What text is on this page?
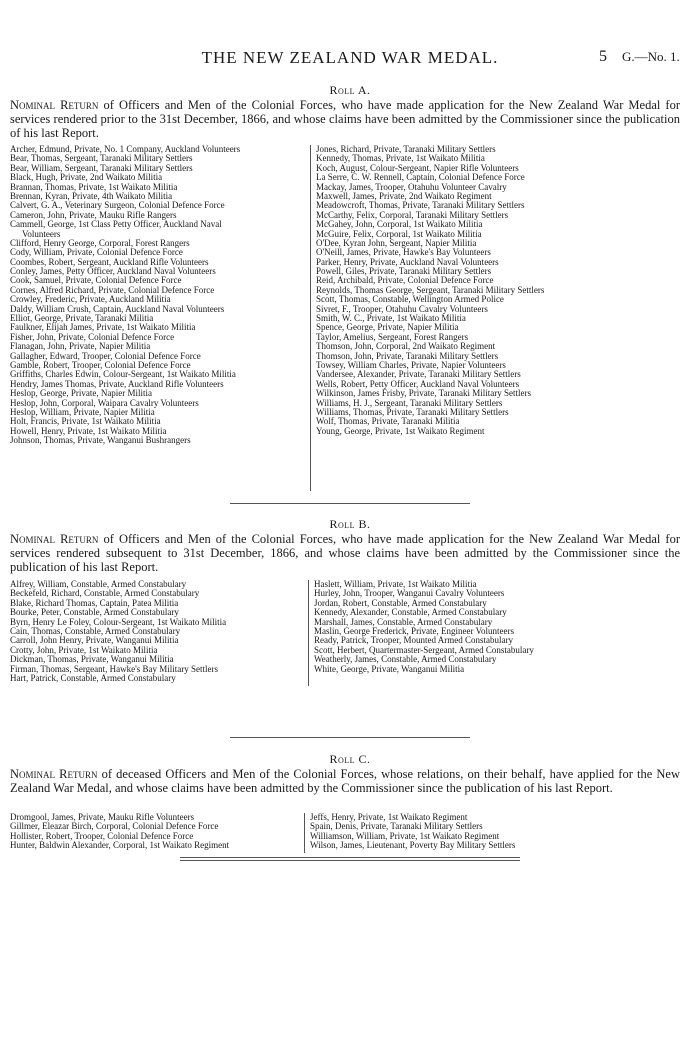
THE NEW ZEALAND WAR MEDAL.	5 G.—No. 1.
Roll A.
Nominal Return of Officers and Men of the Colonial Forces, who have made application for the New Zealand War Medal for services rendered prior to the 31st December, 1866, and whose claims have been admitted by the Commissioner since the publication of his last Report.
Archer, Edmund, Private, No. 1 Company, Auckland Volunteers
Bear, Thomas, Sergeant, Taranaki Military Settlers
Bear, William, Sergeant, Taranaki Military Settlers
Black, Hugh, Private, 2nd Waikato Militia
Brannan, Thomas, Private, 1st Waikato Militia
Brennan, Kyran, Private, 4th Waikato Militia
Calvert, G. A., Veterinary Surgeon, Colonial Defence Force
Cameron, John, Private, Mauku Rifle Rangers
Cammell, George, 1st Class Petty Officer, Auckland Naval
Volunteers
Clifford, Henry George, Corporal, Forest Rangers
Cody, William, Private, Colonial Defence Force
Coombes, Robert, Sergeant, Auckland Rifle Volunteers
Conley, James, Petty Officer, Auckland Naval Volunteers
Cook, Samuel, Private, Colonial Defence Force
Cornes, Alfred Richard, Private, Colonial Defence Force
Crowley, Frederic, Private, Auckland Militia
Daldy, William Crush, Captain, Auckland Naval Volunteers
Elliot, George, Private, Taranaki Militia
Faulkner, Elijah James, Private, 1st Waikato Militia
Fisher, John, Private, Colonial Defence Force
Flanagan, John, Private, Napier Militia
Gallagher, Edward, Trooper, Colonial Defence Force
Gamble, Robert, Trooper, Colonial Defence Force
Griffiths, Charles Edwin, Colour-Sergeant, 1st Waikato Militia
Hendry, James Thomas, Private, Auckland Rifle Volunteers
Heslop, George, Private, Napier Militia
Heslop, John, Corporal, Waipara Cavalry Volunteers
Heslop, William, Private, Napier Militia
Holt, Francis, Private, 1st Waikato Militia
Howell, Henry, Private, 1st Waikato Militia
Johnson, Thomas, Private, Wanganui Bushrangers
Jones, Richard, Private, Taranaki Military Settlers
Kennedy, Thomas, Private, 1st Waikato Militia
Koch, August, Colour-Sergeant, Napier Rifle Volunteers
La Serre, C. W. Rennell, Captain, Colonial Defence Force
Mackay, James, Trooper, Otahuhu Volunteer Cavalry
Maxwell, James, Private, 2nd Waikato Regiment
Meadowcroft, Thomas, Private, Taranaki Military Settlers
McCarthy, Felix, Corporal, Taranaki Military Settlers
McGahey, John, Corporal, 1st Waikato Militia
McGuire, Felix, Corporal, 1st Waikato Militia
O'Dee, Kyran John, Sergeant, Napier Militia
O'Neill, James, Private, Hawke's Bay Volunteers
Parker, Henry, Private, Auckland Naval Volunteers
Powell, Giles, Private, Taranaki Military Settlers
Reid, Archibald, Private, Colonial Defence Force
Reynolds, Thomas George, Sergeant, Taranaki Military Settlers
Scott, Thomas, Constable, Wellington Armed Police
Sivret, F., Trooper, Otahuhu Cavalry Volunteers
Smith, W. C., Private, 1st Waikato Militia
Spence, George, Private, Napier Militia
Taylor, Amelius, Sergeant, Forest Rangers
Thomson, John, Corporal, 2nd Waikato Regiment
Thomson, John, Private, Taranaki Military Settlers
Towsey, William Charles, Private, Napier Volunteers
Vandersee, Alexander, Private, Taranaki Military Settlers
Wells, Robert, Petty Officer, Auckland Naval Volunteers
Wilkinson, James Frisby, Private, Taranaki Military Settlers
Williams, H. J., Sergeant, Taranaki Military Settlers
Williams, Thomas, Private, Taranaki Military Settlers
Wolf, Thomas, Private, Taranaki Militia
Young, George, Private, 1st Waikato Regiment
Roll B.
Nominal Return of Officers and Men of the Colonial Forces, who have made application for the New Zealand War Medal for services rendered subsequent to 31st December, 1866, and whose claims have been admitted by the Commissioner since the publication of his last Report.
Alfrey, William, Constable, Armed Constabulary
Beckefeld, Richard, Constable, Armed Constabulary
Blake, Richard Thomas, Captain, Patea Militia
Bourke, Peter, Constable, Armed Constabulary
Byrn, Henry Le Foley, Colour-Sergeant, 1st Waikato Militia
Cain, Thomas, Constable, Armed Constabulary
Carroll, John Henry, Private, Wanganui Militia
Crotty, John, Private, 1st Waikato Militia
Dickman, Thomas, Private, Wanganui Militia
Firman, Thomas, Sergeant, Hawke's Bay Military Settlers
Hart, Patrick, Constable, Armed Constabulary
Haslett, William, Private, 1st Waikato Militia
Hurley, John, Trooper, Wanganui Cavalry Volunteers
Jordan, Robert, Constable, Armed Constabulary
Kennedy, Alexander, Constable, Armed Constabulary
Marshall, James, Constable, Armed Constabulary
Maslin, George Frederick, Private, Engineer Volunteers
Ready, Patrick, Trooper, Mounted Armed Constabulary
Scott, Herbert, Quartermaster-Sergeant, Armed Constabulary
Weatherly, James, Constable, Armed Constabulary
White, George, Private, Wanganui Militia
Roll C.
Nominal Return of deceased Officers and Men of the Colonial Forces, whose relations, on their behalf, have applied for the New Zealand War Medal, and whose claims have been admitted by the Commissioner since the publication of his last Report.
Dromgool, James, Private, Mauku Rifle Volunteers
Gillmer, Eleazar Birch, Corporal, Colonial Defence Force
Hollister, Robert, Trooper, Colonial Defence Force
Hunter, Baldwin Alexander, Corporal, 1st Waikato Regiment
Jeffs, Henry, Private, 1st Waikato Regiment
Spain, Denis, Private, Taranaki Military Settlers
Williamson, William, Private, 1st Waikato Regiment
Wilson, James, Lieutenant, Poverty Bay Military Settlers
